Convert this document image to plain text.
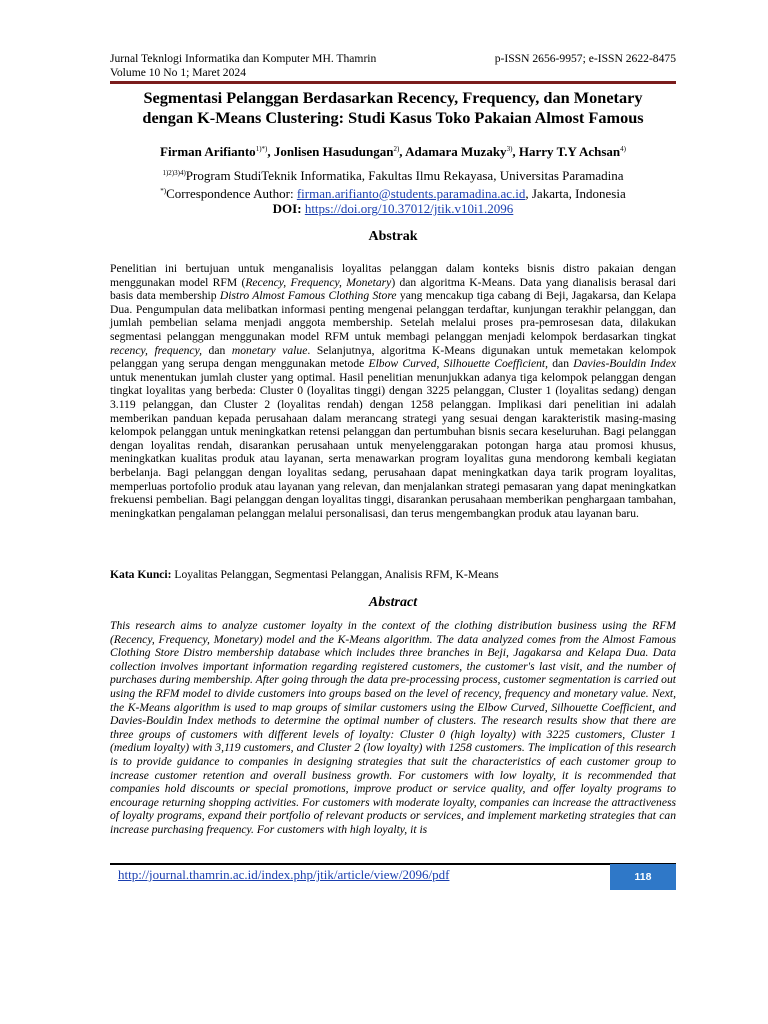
Jurnal Teknlogi Informatika dan Komputer MH. Thamrin	p-ISSN 2656-9957; e-ISSN 2622-8475
Volume 10 No 1; Maret 2024
Segmentasi Pelanggan Berdasarkan Recency, Frequency, dan Monetary
dengan K-Means Clustering: Studi Kasus Toko Pakaian Almost Famous
Firman Arifianto$^{1)*)}$, Jonlisen Hasudungan$^{2)}$, Adamara Muzaky$^{3)}$, Harry T.Y Achsan$^{4)}$
$^{1)2)3)4)}$Program StudiTeknik Informatika, Fakultas Ilmu Rekayasa, Universitas Paramadina
*)Correspondence Author: firman.arifianto@students.paramadina.ac.id, Jakarta, Indonesia
DOI: https://doi.org/10.37012/jtik.v10i1.2096
Abstrak
Penelitian ini bertujuan untuk menganalisis loyalitas pelanggan dalam konteks bisnis distro pakaian dengan menggunakan model RFM (Recency, Frequency, Monetary) dan algoritma K-Means. Data yang dianalisis berasal dari basis data membership Distro Almost Famous Clothing Store yang mencakup tiga cabang di Beji, Jagakarsa, dan Kelapa Dua. Pengumpulan data melibatkan informasi penting mengenai pelanggan terdaftar, kunjungan terakhir pelanggan, dan jumlah pembelian selama menjadi anggota membership. Setelah melalui proses pra-pemrosesan data, dilakukan segmentasi pelanggan menggunakan model RFM untuk membagi pelanggan menjadi kelompok berdasarkan tingkat recency, frequency, dan monetary value. Selanjutnya, algoritma K-Means digunakan untuk memetakan kelompok pelanggan yang serupa dengan menggunakan metode Elbow Curved, Silhouette Coefficient, dan Davies-Bouldin Index untuk menentukan jumlah cluster yang optimal. Hasil penelitian menunjukkan adanya tiga kelompok pelanggan dengan tingkat loyalitas yang berbeda: Cluster 0 (loyalitas tinggi) dengan 3225 pelanggan, Cluster 1 (loyalitas sedang) dengan 3.119 pelanggan, dan Cluster 2 (loyalitas rendah) dengan 1258 pelanggan. Implikasi dari penelitian ini adalah memberikan panduan kepada perusahaan dalam merancang strategi yang sesuai dengan karakteristik masing-masing kelompok pelanggan untuk meningkatkan retensi pelanggan dan pertumbuhan bisnis secara keseluruhan. Bagi pelanggan dengan loyalitas rendah, disarankan perusahaan untuk menyelenggarakan potongan harga atau promosi khusus, meningkatkan kualitas produk atau layanan, serta menawarkan program loyalitas guna mendorong kembali kegiatan berbelanja. Bagi pelanggan dengan loyalitas sedang, perusahaan dapat meningkatkan daya tarik program loyalitas, memperluas portofolio produk atau layanan yang relevan, dan menjalankan strategi pemasaran yang dapat meningkatkan frekuensi pembelian. Bagi pelanggan dengan loyalitas tinggi, disarankan perusahaan memberikan penghargaan tambahan, meningkatkan pengalaman pelanggan melalui personalisasi, dan terus mengembangkan produk atau layanan baru.
Kata Kunci: Loyalitas Pelanggan, Segmentasi Pelanggan, Analisis RFM, K-Means
Abstract
This research aims to analyze customer loyalty in the context of the clothing distribution business using the RFM (Recency, Frequency, Monetary) model and the K-Means algorithm. The data analyzed comes from the Almost Famous Clothing Store Distro membership database which includes three branches in Beji, Jagakarsa and Kelapa Dua. Data collection involves important information regarding registered customers, the customer's last visit, and the number of purchases during membership. After going through the data pre-processing process, customer segmentation is carried out using the RFM model to divide customers into groups based on the level of recency, frequency and monetary value. Next, the K-Means algorithm is used to map groups of similar customers using the Elbow Curved, Silhouette Coefficient, and Davies-Bouldin Index methods to determine the optimal number of clusters. The research results show that there are three groups of customers with different levels of loyalty: Cluster 0 (high loyalty) with 3225 customers, Cluster 1 (medium loyalty) with 3,119 customers, and Cluster 2 (low loyalty) with 1258 customers. The implication of this research is to provide guidance to companies in designing strategies that suit the characteristics of each customer group to increase customer retention and overall business growth. For customers with low loyalty, it is recommended that companies hold discounts or special promotions, improve product or service quality, and offer loyalty programs to encourage returning shopping activities. For customers with moderate loyalty, companies can increase the attractiveness of loyalty programs, expand their portfolio of relevant products or services, and implement marketing strategies that can increase purchasing frequency. For customers with high loyalty, it is
http://journal.thamrin.ac.id/index.php/jtik/article/view/2096/pdf	118
